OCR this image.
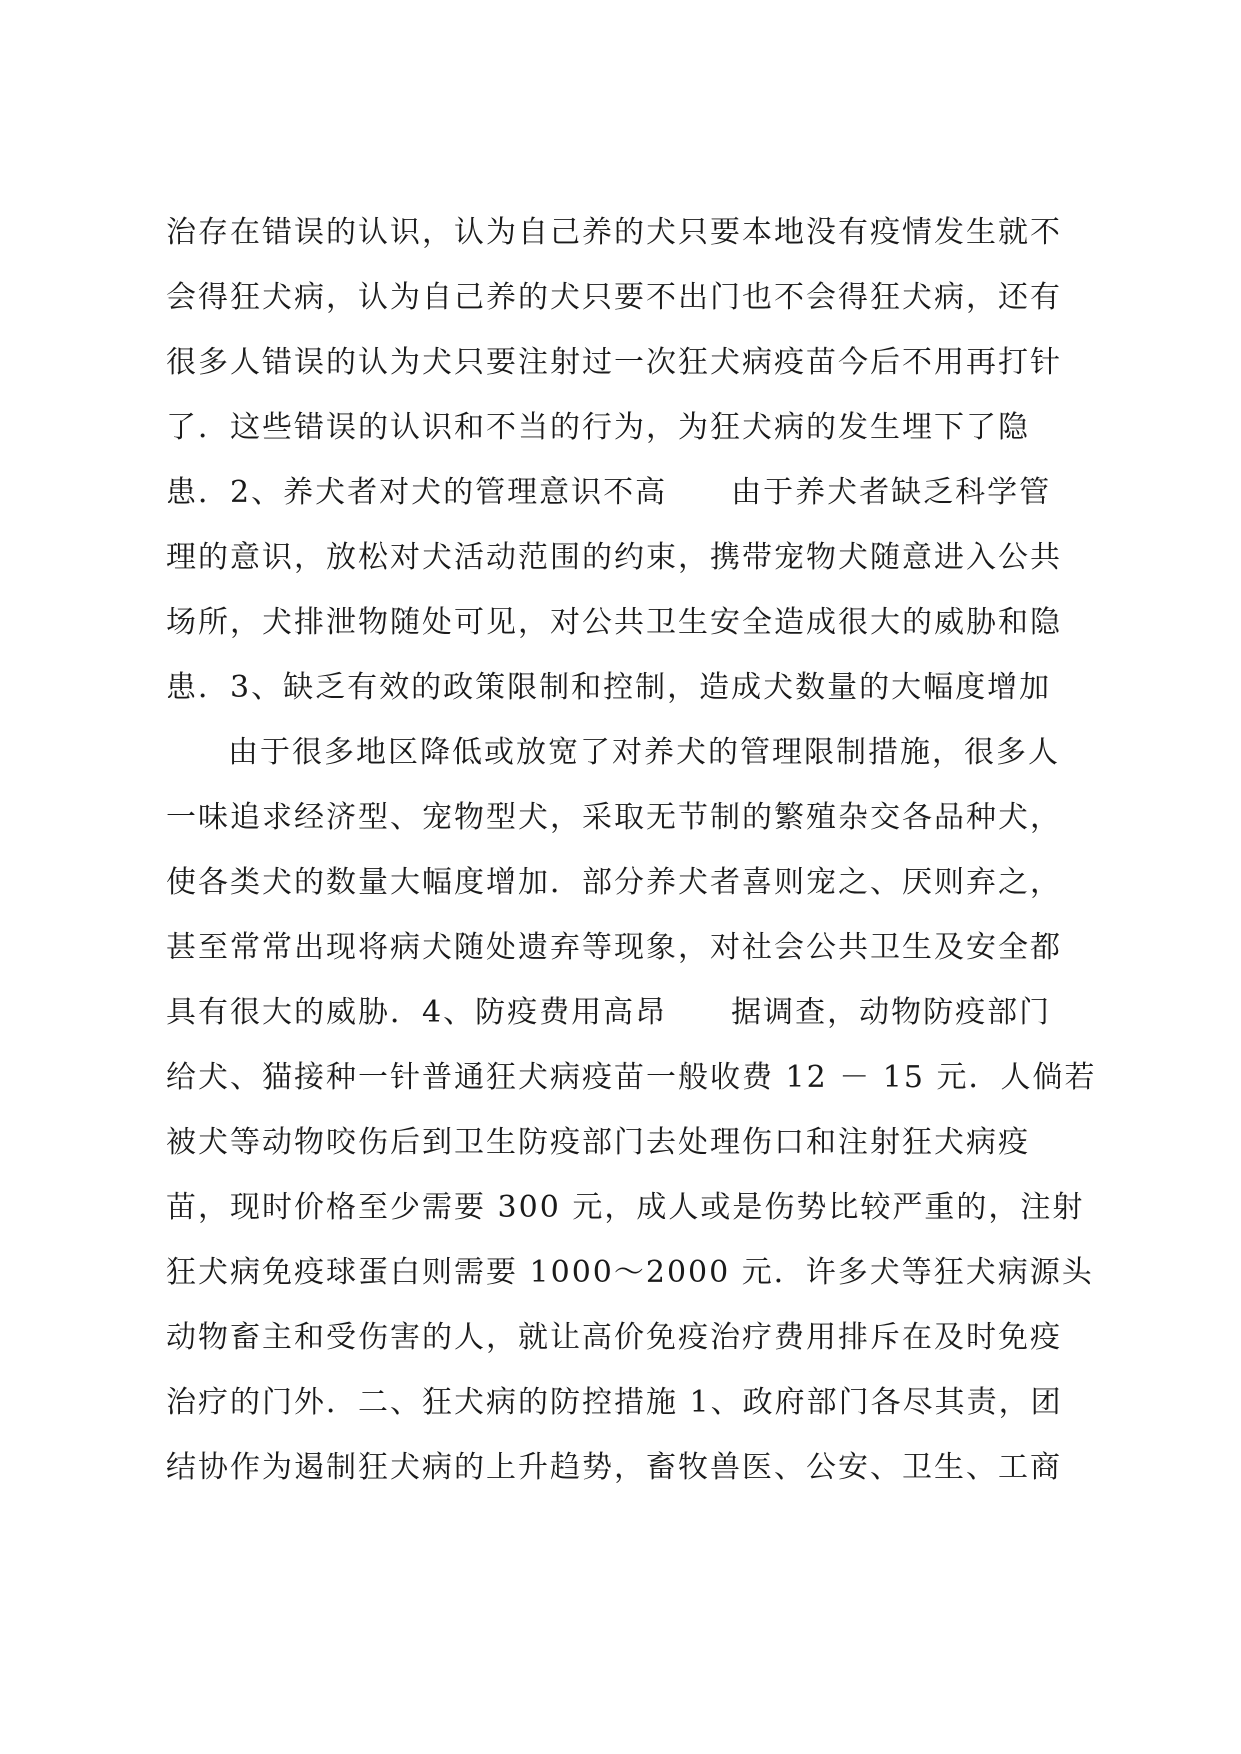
治存在错误的认识，认为自己养的犬只要本地没有疫情发生就不
会得狂犬病，认为自己养的犬只要不出门也不会得狂犬病，还有
很多人错误的认为犬只要注射过一次狂犬病疫苗今后不用再打针
了．这些错误的认识和不当的行为，为狂犬病的发生埋下了隐
患．2、养犬者对犬的管理意识不高　　由于养犬者缺乏科学管
理的意识，放松对犬活动范围的约束，携带宠物犬随意进入公共
场所，犬排泄物随处可见，对公共卫生安全造成很大的威胁和隐
患．3、缺乏有效的政策限制和控制，造成犬数量的大幅度增加
由于很多地区降低或放宽了对养犬的管理限制措施，很多人
一味追求经济型、宠物型犬，采取无节制的繁殖杂交各品种犬，
使各类犬的数量大幅度增加．部分养犬者喜则宠之、厌则弃之，
甚至常常出现将病犬随处遗弃等现象，对社会公共卫生及安全都
具有很大的威胁．4、防疫费用高昂　　据调查，动物防疫部门
给犬、猫接种一针普通狂犬病疫苗一般收费 12 － 15 元．人倘若
被犬等动物咬伤后到卫生防疫部门去处理伤口和注射狂犬病疫
苗，现时价格至少需要 300 元，成人或是伤势比较严重的，注射
狂犬病免疫球蛋白则需要 1000～2000 元．许多犬等狂犬病源头
动物畜主和受伤害的人，就让高价免疫治疗费用排斥在及时免疫
治疗的门外．二、狂犬病的防控措施 1、政府部门各尽其责，团
结协作为遏制狂犬病的上升趋势，畜牧兽医、公安、卫生、工商
